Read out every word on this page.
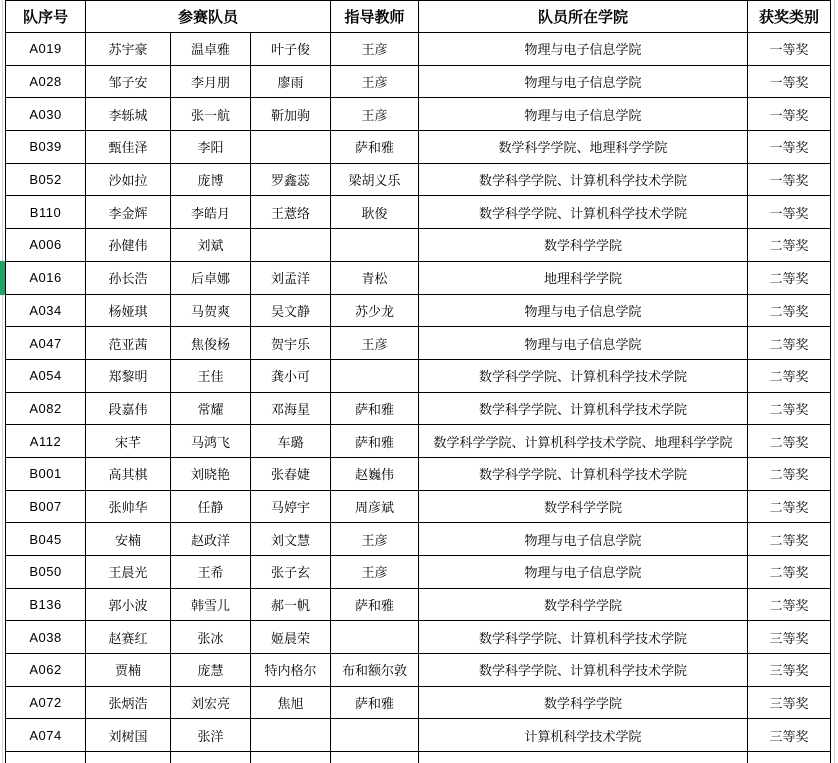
队序号	参赛队员			指导教师	队员所在学院	获奖类别
A019	苏宇豪	温卓雅	叶子俊	王彦	物理与电子信息学院	一等奖
A028	邹子安	李月朋	廖雨	王彦	物理与电子信息学院	一等奖
A030	李轹城	张一航	靳加驹	王彦	物理与电子信息学院	一等奖
B039	甄佳泽	李阳		萨和雅	数学科学学院、地理科学学院	一等奖
B052	沙如拉	庞博	罗鑫蕊	梁胡义乐	数学科学学院、计算机科学技术学院	一等奖
B110	李金辉	李皓月	王薏络	耿俊	数学科学学院、计算机科学技术学院	一等奖
A006	孙健伟	刘斌			数学科学学院	二等奖
A016	孙长浩	后卓娜	刘孟洋	青松	地理科学学院	二等奖
A034	杨娅琪	马贺爽	吴文静	苏少龙	物理与电子信息学院	二等奖
A047	范亚茜	焦俊杨	贺宇乐	王彦	物理与电子信息学院	二等奖
A054	郑黎明	王佳	龚小可		数学科学学院、计算机科学技术学院	二等奖
A082	段嘉伟	常耀	邓海星	萨和雅	数学科学学院、计算机科学技术学院	二等奖
A112	宋芊	马鸿飞	车璐	萨和雅	数学科学学院、计算机科学技术学院、地理科学学院	二等奖
B001	高其棋	刘晓艳	张春婕	赵巍伟	数学科学学院、计算机科学技术学院	二等奖
B007	张帅华	任静	马婷宇	周彦斌	数学科学学院	二等奖
B045	安楠	赵政洋	刘文慧	王彦	物理与电子信息学院	二等奖
B050	王晨光	王希	张子玄	王彦	物理与电子信息学院	二等奖
B136	郭小波	韩雪儿	郝一帆	萨和雅	数学科学学院	二等奖
A038	赵赛红	张冰	姬晨荣		数学科学学院、计算机科学技术学院	三等奖
A062	贾楠	庞慧	特内格尔	布和额尔敦	数学科学学院、计算机科学技术学院	三等奖
A072	张炳浩	刘宏亮	焦旭	萨和雅	数学科学学院	三等奖
A074	刘树国	张洋			计算机科学技术学院	三等奖
